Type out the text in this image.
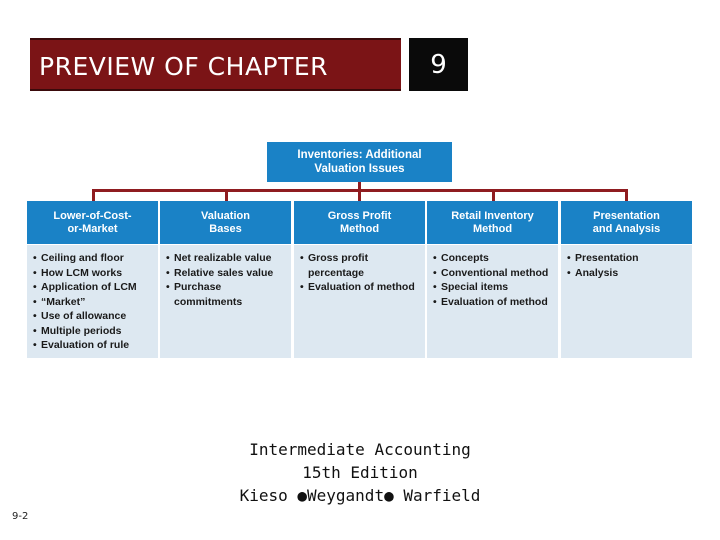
PREVIEW OF CHAPTER	9
Inventories: Additional
Valuation Issues
Lower-of-Cost-
or-Market
• Ceiling and floor
• How LCM works
• Application of LCM
• “Market”
• Use of allowance
• Multiple periods
• Evaluation of rule
Valuation
Bases
• Net realizable value
• Relative sales value
• Purchase commitments
Gross Profit
Method
• Gross profit percentage
• Evaluation of method
Retail Inventory
Method
• Concepts
• Conventional method
• Special items
• Evaluation of method
Presentation
and Analysis
• Presentation
• Analysis
Intermediate Accounting
15th Edition
Kieso ●Weygandt● Warfield
9-2
